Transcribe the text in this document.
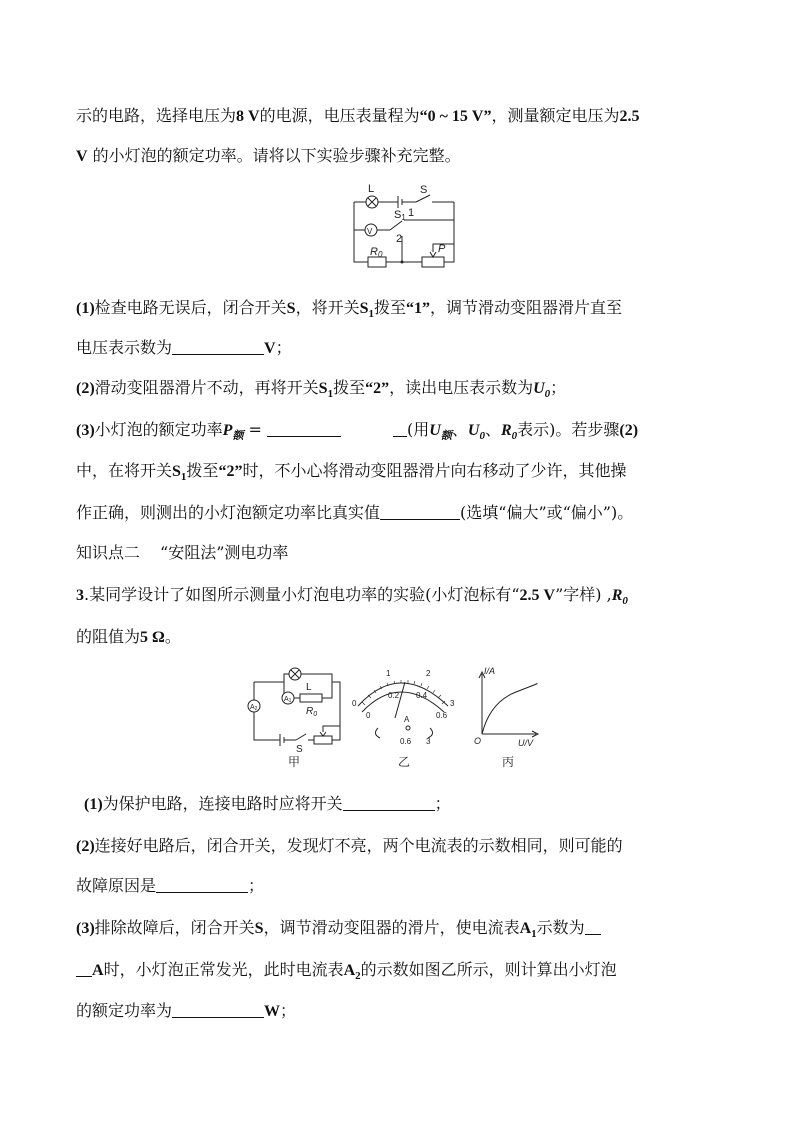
示的电路，选择电压为8 V的电源，电压表量程为“0 ~ 15 V”，测量额定电压为2.5
V 的小灯泡的额定功率。请将以下实验步骤补充完整。
L	S
V
S1 1
2
R0	P
(1)检查电路无误后，闭合开关S，将开关$S_1$拨至“1”，调节滑动变阻器滑片直至
电压表示数为	V；
(2)滑动变阻器滑片不动，再将开关$S_1$拨至“2”，读出电压表示数为$U_0$；
(3)小灯泡的额定功率$P_额$ =	(用$U_额$、$U_0$、$R_0$表示)。若步骤(2)
中，在将开关$S_1$拨至“2”时，不小心将滑动变阻器滑片向右移动了少许，其他操
作正确，则测出的小灯泡额定功率比真实值	(选填“偏大”或“偏小”)。
知识点二 “安阻法”测电功率
3.某同学设计了如图所示测量小灯泡电功率的实验(小灯泡标有“2.5 V”字样) $,R_0$
的阻值为5 Ω。
A2
A1
L
$R_0$
S
甲
0
1	2
3
0
0.2 0.4
0.6
A
0.6 3
乙
I/A
U/V
O
丙
(1)为保护电路，连接电路时应将开关	；
(2)连接好电路后，闭合开关，发现灯不亮，两个电流表的示数相同，则可能的
故障原因是	；
(3)排除故障后，闭合开关S，调节滑动变阻器的滑片，使电流表$A_1$示数为
A时，小灯泡正常发光，此时电流表$A_2$的示数如图乙所示，则计算出小灯泡
的额定功率为	W；
